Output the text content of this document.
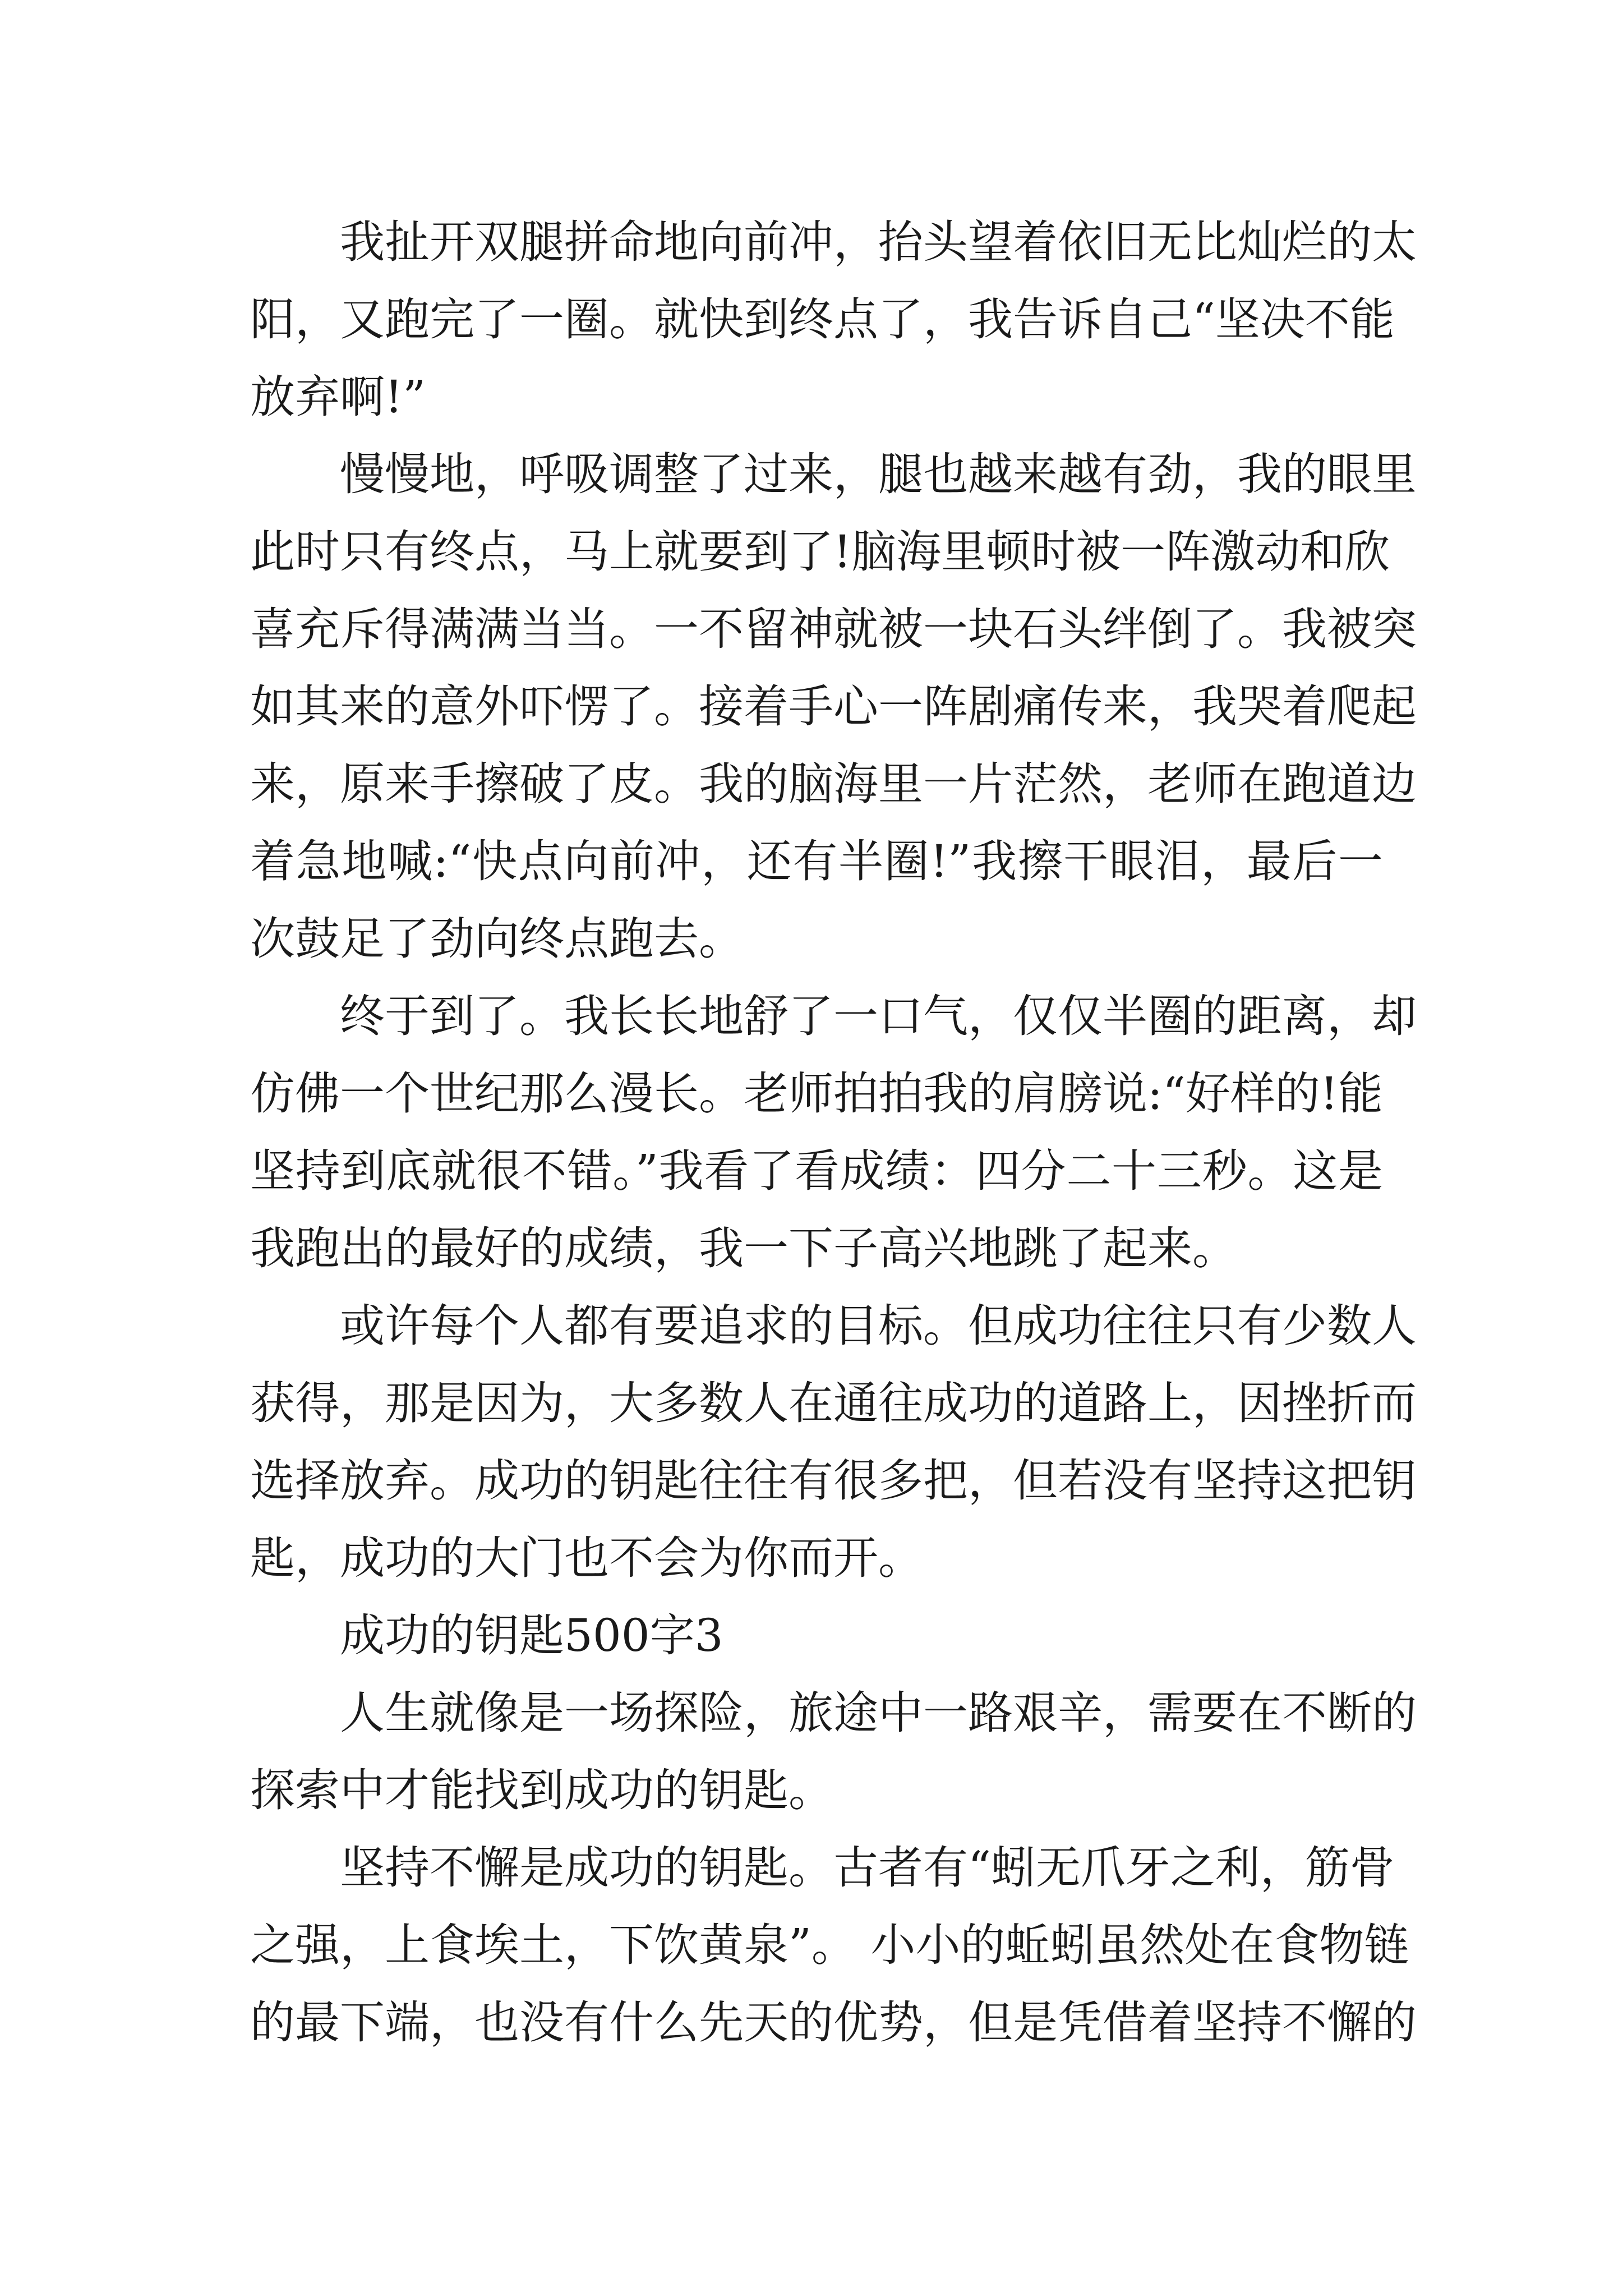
我扯开双腿拼命地向前冲，抬头望着依旧无比灿烂的太
阳，又跑完了一圈。就快到终点了，我告诉自己“坚决不能
放弃啊!”
慢慢地，呼吸调整了过来，腿也越来越有劲，我的眼里
此时只有终点，马上就要到了!脑海里顿时被一阵激动和欣
喜充斥得满满当当。一不留神就被一块石头绊倒了。我被突
如其来的意外吓愣了。接着手心一阵剧痛传来，我哭着爬起
来，原来手擦破了皮。我的脑海里一片茫然，老师在跑道边
着急地喊:“快点向前冲，还有半圈!”我擦干眼泪，最后一
次鼓足了劲向终点跑去。
终于到了。我长长地舒了一口气，仅仅半圈的距离，却
仿佛一个世纪那么漫长。老师拍拍我的肩膀说:“好样的!能
坚持到底就很不错。”我看了看成绩：四分二十三秒。这是
我跑出的最好的成绩，我一下子高兴地跳了起来。
或许每个人都有要追求的目标。但成功往往只有少数人
获得，那是因为，大多数人在通往成功的道路上，因挫折而
选择放弃。成功的钥匙往往有很多把，但若没有坚持这把钥
匙，成功的大门也不会为你而开。
成功的钥匙500字3
人生就像是一场探险，旅途中一路艰辛，需要在不断的
探索中才能找到成功的钥匙。
坚持不懈是成功的钥匙。古者有“蚓无爪牙之利，筋骨
之强，上食埃土，下饮黄泉”。 小小的蚯蚓虽然处在食物链
的最下端，也没有什么先天的优势，但是凭借着坚持不懈的
